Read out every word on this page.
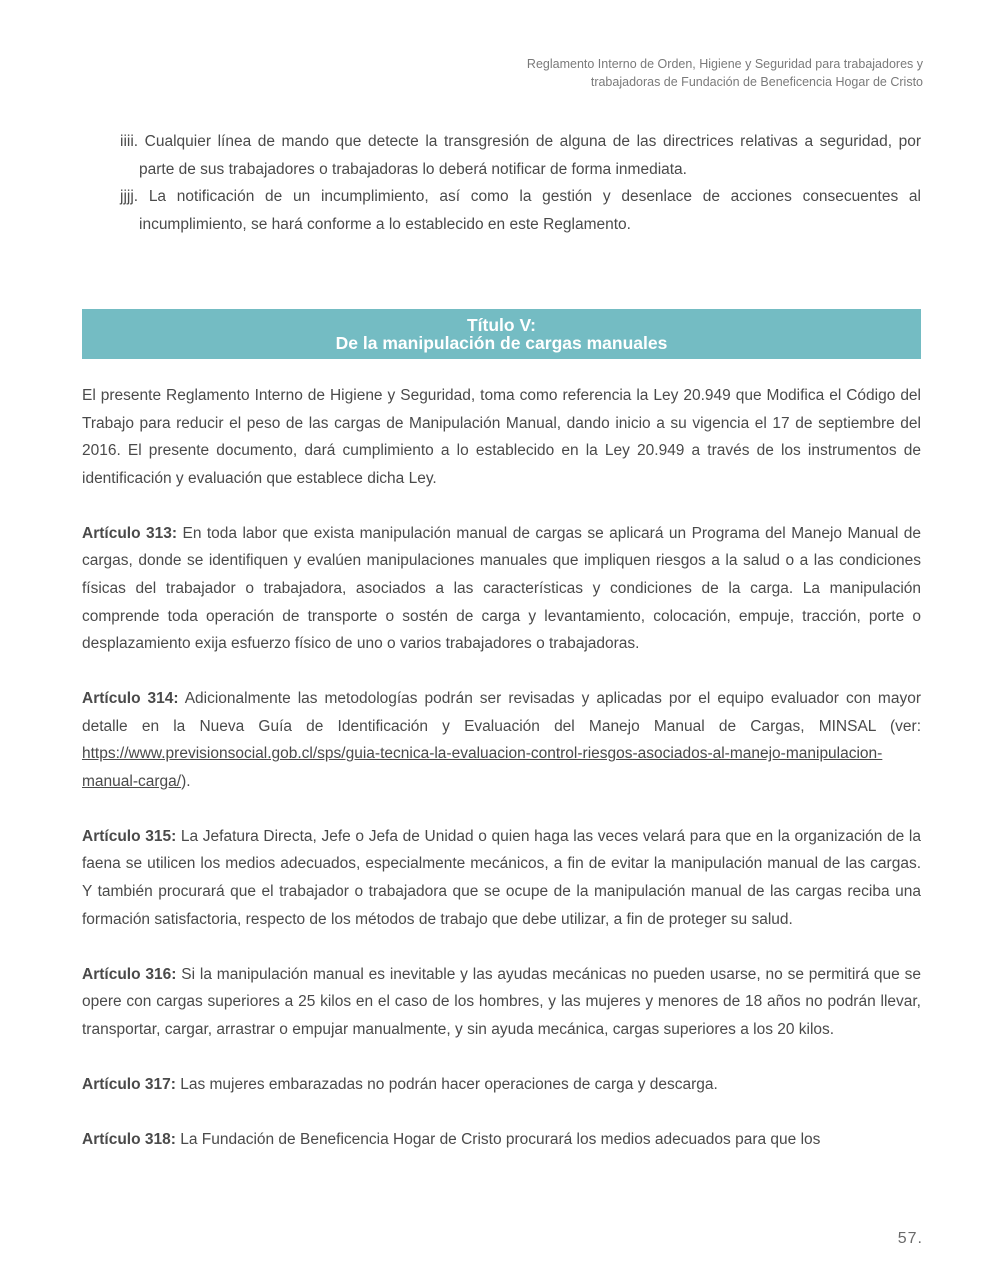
Reglamento Interno de Orden, Higiene y Seguridad para trabajadores y
trabajadoras de Fundación de Beneficencia Hogar de Cristo
iiii. Cualquier línea de mando que detecte la transgresión de alguna de las directrices relativas a seguridad, por parte de sus trabajadores o trabajadoras lo deberá notificar de forma inmediata.
jjjj. La notificación de un incumplimiento, así como la gestión y desenlace de acciones consecuentes al incumplimiento, se hará conforme a lo establecido en este Reglamento.
Título V:
De la manipulación de cargas manuales

El presente Reglamento Interno de Higiene y Seguridad, toma como referencia la Ley 20.949 que Modifica el Código del Trabajo para reducir el peso de las cargas de Manipulación Manual, dando inicio a su vigencia el 17 de septiembre del 2016. El presente documento, dará cumplimiento a lo establecido en la Ley 20.949 a través de los instrumentos de identificación y evaluación que establece dicha Ley.

Artículo 313: En toda labor que exista manipulación manual de cargas se aplicará un Programa del Manejo Manual de cargas, donde se identifiquen y evalúen manipulaciones manuales que impliquen riesgos a la salud o a las condiciones físicas del trabajador o trabajadora, asociados a las características y condiciones de la carga. La manipulación comprende toda operación de transporte o sostén de carga y levantamiento, colocación, empuje, tracción, porte o desplazamiento exija esfuerzo físico de uno o varios trabajadores o trabajadoras.

Artículo 314: Adicionalmente las metodologías podrán ser revisadas y aplicadas por el equipo evaluador con mayor detalle en la Nueva Guía de Identificación y Evaluación del Manejo Manual de Cargas, MINSAL (ver: https://www.previsionsocial.gob.cl/sps/guia-tecnica-la-evaluacion-control-riesgos-asociados-al-manejo-manipulacion-manual-carga/).

Artículo 315: La Jefatura Directa, Jefe o Jefa de Unidad o quien haga las veces velará para que en la organización de la faena se utilicen los medios adecuados, especialmente mecánicos, a fin de evitar la manipulación manual de las cargas. Y también procurará que el trabajador o trabajadora que se ocupe de la manipulación manual de las cargas reciba una formación satisfactoria, respecto de los métodos de trabajo que debe utilizar, a fin de proteger su salud.

Artículo 316: Si la manipulación manual es inevitable y las ayudas mecánicas no pueden usarse, no se permitirá que se opere con cargas superiores a 25 kilos en el caso de los hombres, y las mujeres y menores de 18 años no podrán llevar, transportar, cargar, arrastrar o empujar manualmente, y sin ayuda mecánica, cargas superiores a los 20 kilos.

Artículo 317: Las mujeres embarazadas no podrán hacer operaciones de carga y descarga.

Artículo 318: La Fundación de Beneficencia Hogar de Cristo procurará los medios adecuados para que los

57.
